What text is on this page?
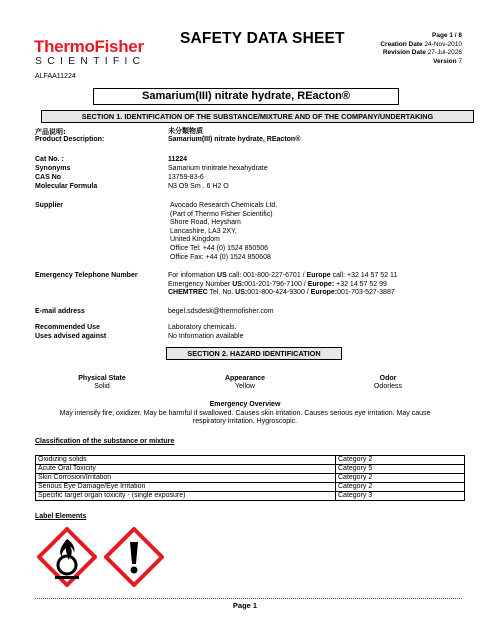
ThermoFisher
SCIENTIFIC
ALFAA11224
SAFETY DATA SHEET	Page 1 / 8
Creation Date 24-Nov-2010
Revision Date 27-Jul-2026
Version 7
Samarium(III) nitrate hydrate, REacton®
SECTION 1. IDENTIFICATION OF THE SUBSTANCE/MIXTURE AND OF THE COMPANY/UNDERTAKING
产品说明:	未分類物质
Product Description:	Samarium(III) nitrate hydrate, REacton®
Cat No. :	11224
Synonyms	Samarium trinitrate hexahydrate
CAS No	13759-83-6
Molecular Formula	N3 O9 Sm . 6 H2 O
Supplier	Avocado Research Chemicals Ltd.
(Part of Thermo Fisher Scientific)
Shore Road, Heysham
Lancashire, LA3 2XY,
United Kingdom
Office Tel: +44 (0) 1524 850506
Office Fax: +44 (0) 1524 850608
Emergency Telephone Number	For information US call: 001-800-227-6701 / Europe call: +32 14 57 52 11
Emergency Number US:001-201-796-7100 / Europe: +32 14 57 52 99
CHEMTREC Tel. No. US:001-800-424-9300 / Europe:001-703-527-3887
E-mail address	begel.sdsdesk@thermofisher.com
Recommended Use	Laboratory chemicals.
Uses advised against	No Information available
SECTION 2. HAZARD IDENTIFICATION
Physical State
Solid
Appearance
Yellow
Odor
Odorless
Emergency Overview
May intensify fire; oxidizer. May be harmful if swallowed. Causes skin irritation. Causes serious eye irritation. May cause
respiratory irritation. Hygroscopic.
Classification of the substance or mixture
Oxidizing solids	Category 2
Acute Oral Toxicity	Category 5
Skin Corrosion/Irritation	Category 2
Serious Eye Damage/Eye Irritation	Category 2
Specific target organ toxicity - (single exposure)	Category 3
Label Elements
Page 1
